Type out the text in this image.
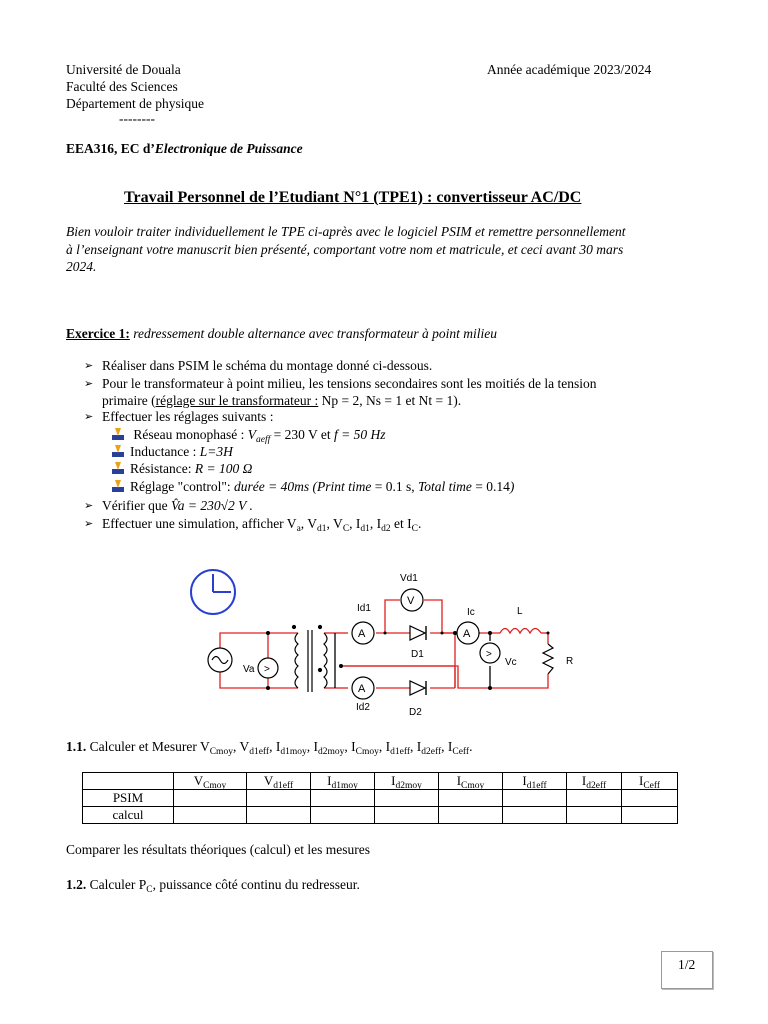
Université de Douala
Faculté des Sciences
Département de physique
--------
Année académique 2023/2024
EEA316, EC d’Electronique de Puissance
Travail Personnel de l’Etudiant N°1 (TPE1) : convertisseur AC/DC
Bien vouloir traiter individuellement le TPE ci-après avec le logiciel PSIM et remettre personnellement
à l’enseignant votre manuscrit bien présenté, comportant votre nom et matricule, et ceci avant 30 mars
2024.
Exercice 1: redressement double alternance avec transformateur à point milieu
➢ Réaliser dans PSIM le schéma du montage donné ci-dessous.
➢ Pour le transformateur à point milieu, les tensions secondaires sont les moitiés de la tension
primaire (réglage sur le transformateur : Np = 2, Ns = 1 et Nt = 1).
➢ Effectuer les réglages suivants :
Réseau monophasé : $V_{aeff} = 230$ V et f = 50 Hz
Inductance : L=3H
Résistance: R = 100 Ω
Réglage "control": durée = 40ms (Print time = 0.1 s, Total time = 0.14)
➢ Vérifier que V̂a = 230√2 V .
➢ Effectuer une simulation, afficher $V_a$, $V_{d1}$, $V_C$, $I_{d1}$, $I_{d2}$ et $I_C$.
>
Va
A
Id1
A
Id2
D1
D2
V
Vd1
A
Ic
>
Vc
L
R
1.1. Calculer et Mesurer $V_{Cmoy}$, $V_{d1eff}$, $I_{d1moy}$, $I_{d2moy}$, $I_{Cmoy}$, $I_{d1eff}$, $I_{d2eff}$, $I_{Ceff}$.
	$V_{Cmoy}$	$V_{d1eff}$	$I_{d1moy}$	$I_{d2moy}$	$I_{Cmoy}$	$I_{d1eff}$	$I_{d2eff}$	$I_{Ceff}$
PSIM								
calcul								
Comparer les résultats théoriques (calcul) et les mesures
1.2. Calculer $P_C$, puissance côté continu du redresseur.
1/2
